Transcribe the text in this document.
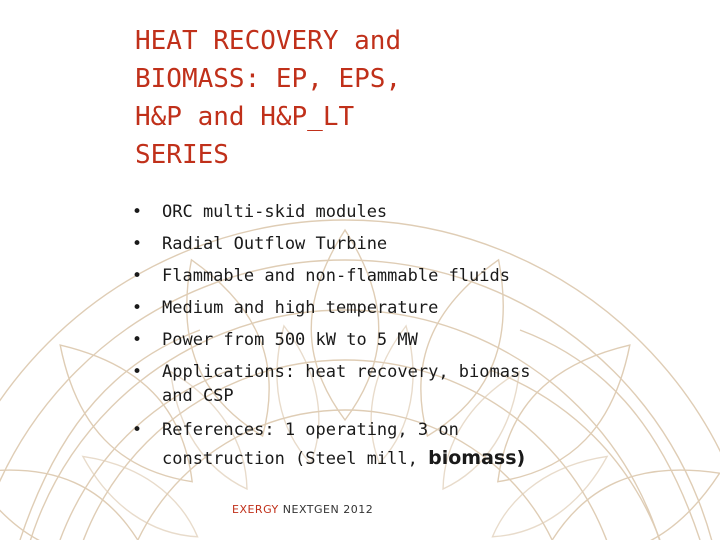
HEAT RECOVERY and
BIOMASS: EP, EPS,
H&P and H&P_LT
SERIES
• ORC multi-skid modules
• Radial Outflow Turbine
• Flammable and non-flammable fluids
• Medium and high temperature
• Power from 500 kW to 5 MW
• Applications: heat recovery, biomass
and CSP
• References: 1 operating, 3 on
construction (Steel mill, biomass)
EXERGY NEXTGEN 2012
